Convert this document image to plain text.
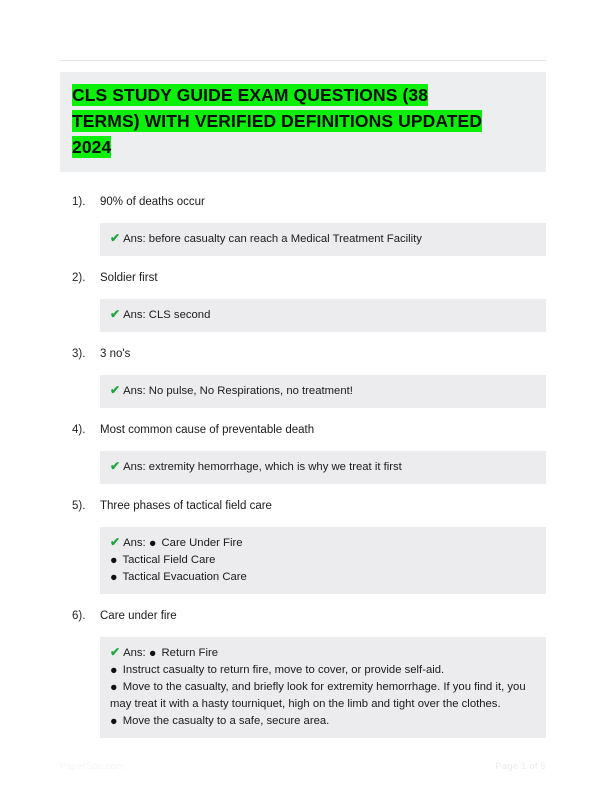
CLS STUDY GUIDE EXAM QUESTIONS (38
TERMS) WITH VERIFIED DEFINITIONS UPDATED
2024
1).	90% of deaths occur

✔ Ans: before casualty can reach a Medical Treatment Facility

2).	Soldier first

✔ Ans: CLS second

3).	3 no's

✔ Ans: No pulse, No Respirations, no treatment!

4).	Most common cause of preventable death

✔ Ans: extremity hemorrhage, which is why we treat it first

5).	Three phases of tactical field care

✔ Ans: ● Care Under Fire

● Tactical Field Care

● Tactical Evacuation Care

6).	Care under fire

✔ Ans: ● Return Fire

● Instruct casualty to return fire, move to cover, or provide self-aid.

● Move to the casualty, and briefly look for extremity hemorrhage. If you find it, you may treat it with a hasty tourniquet, high on the limb and tight over the clothes.

● Move the casualty to a safe, secure area.

PaperStic.com	Page 1 of 5
